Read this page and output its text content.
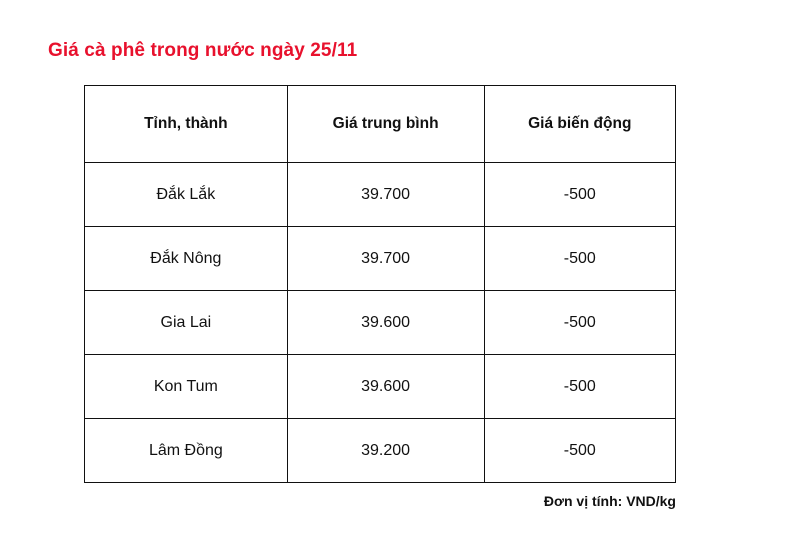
Giá cà phê trong nước ngày 25/11
Tỉnh, thành	Giá trung bình	Giá biến động
Đắk Lắk	39.700	-500
Đắk Nông	39.700	-500
Gia Lai	39.600	-500
Kon Tum	39.600	-500
Lâm Đồng	39.200	-500
Đơn vị tính: VND/kg
